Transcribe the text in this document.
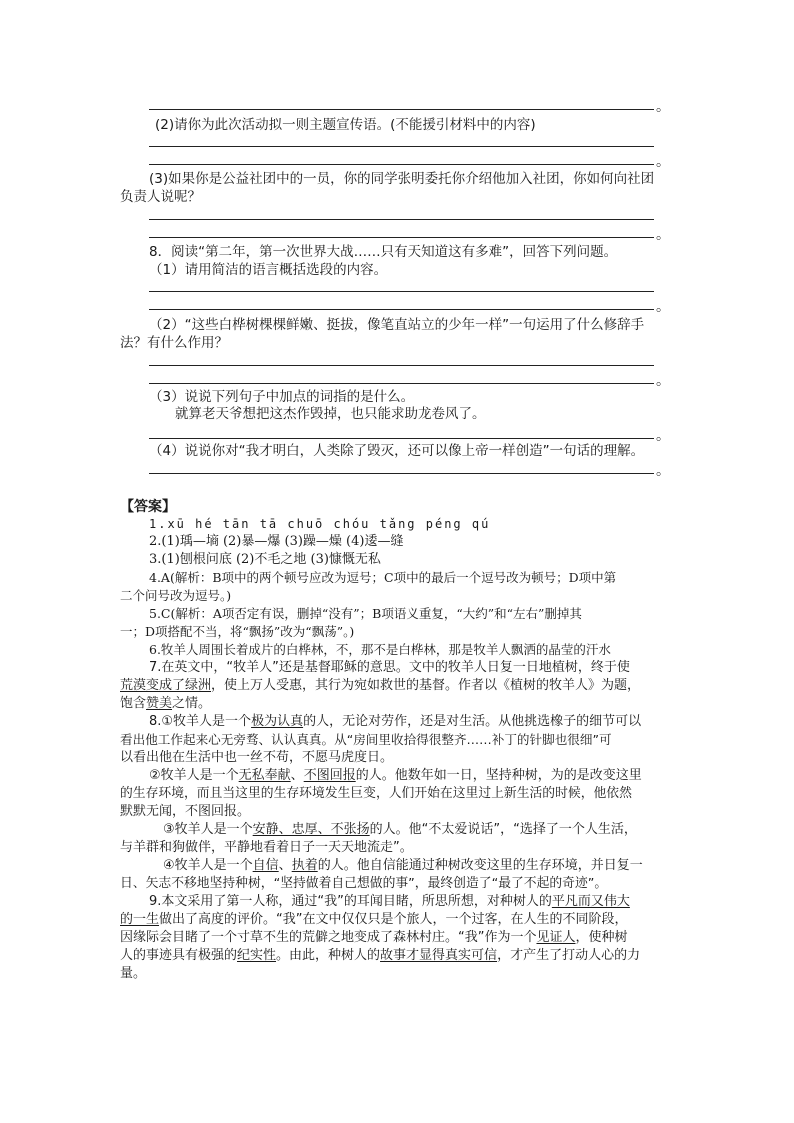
。
(2)请你为此次活动拟一则主题宣传语。(不能援引材料中的内容)
。
(3)如果你是公益社团中的一员，你的同学张明委托你介绍他加入社团，你如何向社团
负责人说呢？
。
8．阅读“第二年，第一次世界大战……只有天知道这有多难”，回答下列问题。
（1）请用简洁的语言概括选段的内容。
。
（2）“这些白桦树棵棵鲜嫩、挺拔，像笔直站立的少年一样”一句运用了什么修辞手
法？有什么作用？
。
（3）说说下列句子中加点的词指的是什么。
就算老天爷想把这杰作毁掉，也只能求助龙卷风了。
。
（4）说说你对“我才明白，人类除了毁灭，还可以像上帝一样创造”一句话的理解。
。
【答案】
1.xū hé tān tā chuō chóu tǎng péng qú
2.(1)瑀—墒 (2)暴—爆 (3)躁—燥 (4)逶—缝
3.(1)刨根问底 (2)不毛之地 (3)慷慨无私
4.A(解析：B项中的两个顿号应改为逗号；C项中的最后一个逗号改为顿号；D项中第
二个问号改为逗号。)
5.C(解析：A项否定有误，删掉“没有”；B项语义重复，“大约”和“左右”删掉其
一；D项搭配不当，将“飘扬”改为“飘荡”。)
6.牧羊人周围长着成片的白桦林，不，那不是白桦林，那是牧羊人飘洒的晶莹的汗水
7.在英文中，“牧羊人”还是基督耶稣的意思。文中的牧羊人日复一日地植树，终于使
荒漠变成了绿洲，使上万人受惠，其行为宛如救世的基督。作者以《植树的牧羊人》为题，
饱含赞美之情。
8.①牧羊人是一个极为认真的人，无论对劳作，还是对生活。从他挑选橡子的细节可以
看出他工作起来心无旁骛、认认真真。从“房间里收拾得很整齐……补丁的针脚也很细”可
以看出他在生活中也一丝不苟，不愿马虎度日。
②牧羊人是一个无私奉献、不图回报的人。他数年如一日，坚持种树，为的是改变这里
的生存环境，而且当这里的生存环境发生巨变，人们开始在这里过上新生活的时候，他依然
默默无闻，不图回报。
③牧羊人是一个安静、忠厚、不张扬的人。他“不太爱说话”，“选择了一个人生活，
与羊群和狗做伴，平静地看着日子一天天地流走”。
④牧羊人是一个自信、执着的人。他自信能通过种树改变这里的生存环境，并日复一
日、矢志不移地坚持种树，“坚持做着自己想做的事”，最终创造了“最了不起的奇迹”。
9.本文采用了第一人称，通过“我”的耳闻目睹，所思所想，对种树人的平凡而又伟大
的一生做出了高度的评价。“我”在文中仅仅只是个旅人，一个过客，在人生的不同阶段，
因缘际会目睹了一个寸草不生的荒僻之地变成了森林村庄。“我”作为一个见证人，使种树
人的事迹具有极强的纪实性。由此，种树人的故事才显得真实可信，才产生了打动人心的力
量。
